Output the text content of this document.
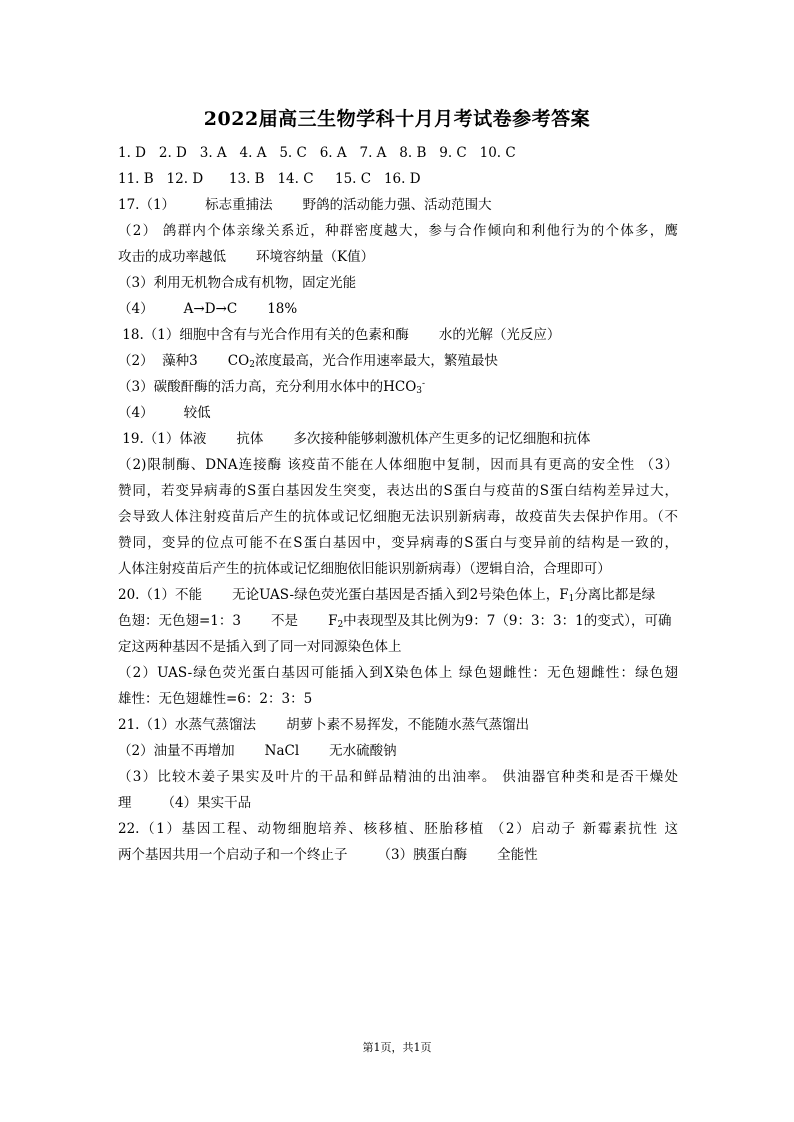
2022届高三生物学科十月月考试卷参考答案
1. D   2. D   3. A   4. A   5. C   6. A   7. A   8. B   9. C   10. C
11. B   12. D      13. B   14. C     15. C   16. D
17.（1）       标志重捕法       野鸽的活动能力强、活动范围大
（2） 鸽群内个体亲缘关系近，种群密度越大，参与合作倾向和利他行为的个体多，鹰
攻击的成功率越低       环境容纳量（K值）
（3）利用无机物合成有机物，固定光能
（4）       A→D→C       18%
18.（1）细胞中含有与光合作用有关的色素和酶       水的光解（光反应）
（2）  藻种3       $CO_2$浓度最高，光合作用速率最大，繁殖最快
（3）碳酸酐酶的活力高，充分利用水体中的$HCO_3^-$
（4）       较低
19.（1）体液       抗体       多次接种能够刺激机体产生更多的记忆细胞和抗体
（2)限制酶、DNA连接酶 该疫苗不能在人体细胞中复制，因而具有更高的安全性 （3）
赞同，若变异病毒的S蛋白基因发生突变，表达出的S蛋白与疫苗的S蛋白结构差异过大，
会导致人体注射疫苗后产生的抗体或记忆细胞无法识别新病毒，故疫苗失去保护作用。（不
赞同，变异的位点可能不在S蛋白基因中，变异病毒的S蛋白与变异前的结构是一致的，
人体注射疫苗后产生的抗体或记忆细胞依旧能识别新病毒）（逻辑自洽，合理即可）
20.（1）不能       无论UAS-绿色荧光蛋白基因是否插入到2号染色体上，$F_1$分离比都是绿
色翅：无色翅=1：3       不是       $F_2$中表现型及其比例为9：7（9：3：3：1的变式），可确
定这两种基因不是插入到了同一对同源染色体上
（2）UAS-绿色荧光蛋白基因可能插入到X染色体上 绿色翅雌性：无色翅雌性：绿色翅
雄性：无色翅雄性=6：2：3：5
21.（1）水蒸气蒸馏法       胡萝卜素不易挥发，不能随水蒸气蒸馏出
（2）油量不再增加       NaCl       无水硫酸钠
（3）比较木姜子果实及叶片的干品和鲜品精油的出油率。 供油器官种类和是否干燥处
理       （4）果实干品
22.（1）基因工程、动物细胞培养、核移植、胚胎移植 （2）启动子 新霉素抗性 这
两个基因共用一个启动子和一个终止子       （3）胰蛋白酶       全能性
第1页，共1页
